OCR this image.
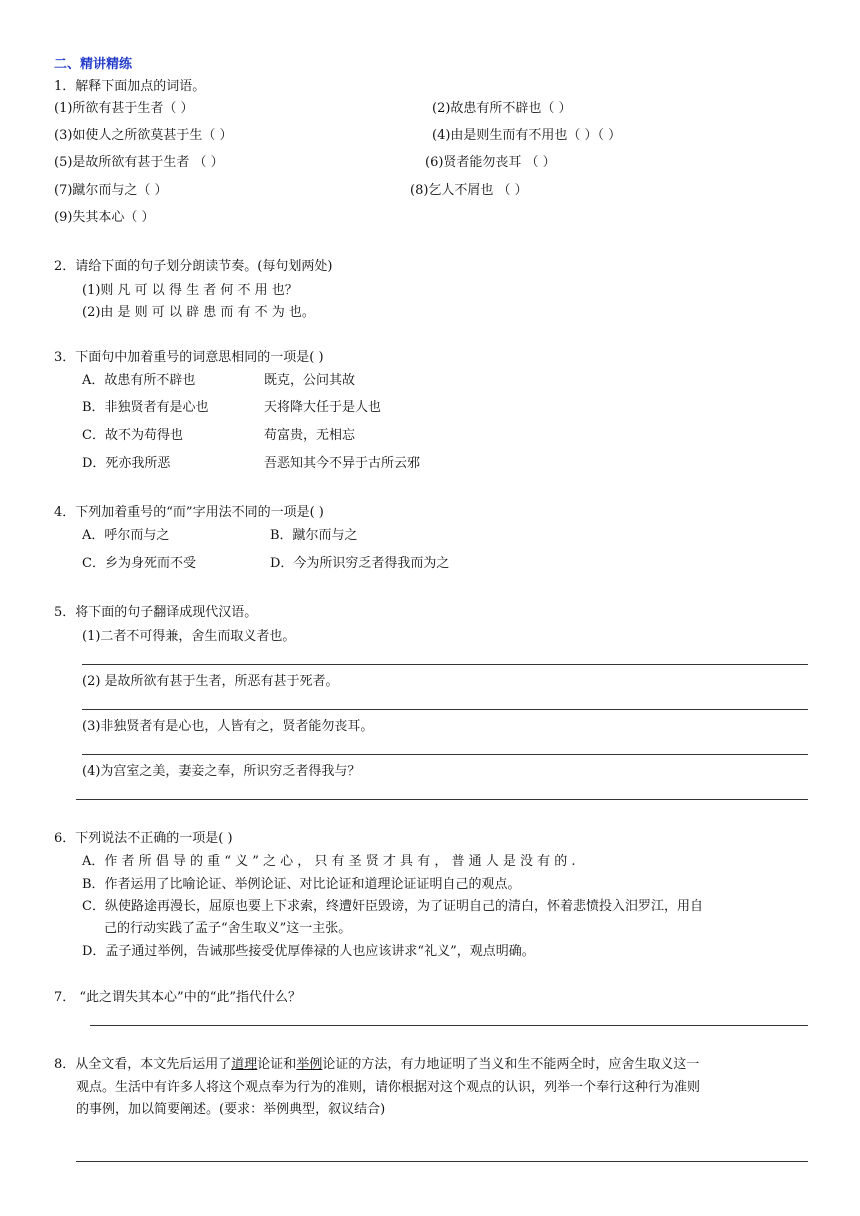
二、精讲精练
1．解释下面加点的词语。
(1)所欲有甚于生者（ ）	(2)故患有所不辟也（ ）
(3)如使人之所欲莫甚于生（ ）	(4)由是则生而有不用也（ ）（ ）
(5)是故所欲有甚于生者 （ ）	(6)贤者能勿丧耳 （ ）
(7)蹴尔而与之（ ）	(8)乞人不屑也 （ ）
(9)失其本心（ ）
2．请给下面的句子划分朗读节奏。(每句划两处)
(1)则 凡 可 以 得 生 者 何 不 用 也？
(2)由 是 则 可 以 辟 患 而 有 不 为 也。
3．下面句中加着重号的词意思相同的一项是( )
A．故患有所不辟也	既克，公问其故
B．非独贤者有是心也	天将降大任于是人也
C．故不为苟得也	苟富贵，无相忘
D．死亦我所恶	吾恶知其今不异于古所云邪
4．下列加着重号的“而”字用法不同的一项是( )
A．呼尔而与之	B．蹴尔而与之
C．乡为身死而不受	D．今为所识穷乏者得我而为之
5．将下面的句子翻译成现代汉语。
(1)二者不可得兼，舍生而取义者也。
(2) 是故所欲有甚于生者，所恶有甚于死者。
(3)非独贤者有是心也，人皆有之，贤者能勿丧耳。
(4)为宫室之美，妻妾之奉，所识穷乏者得我与？
6．下列说法不正确的一项是( )
A．作 者 所 倡 导 的 重 “ 义 ” 之 心 ， 只 有 圣 贤 才 具 有 ， 普 通 人 是 没 有 的 .
B．作者运用了比喻论证、举例论证、对比论证和道理论证证明自己的观点。
C．纵使路途再漫长，屈原也要上下求索，终遭奸臣毁谤，为了证明自己的清白，怀着悲愤投入汨罗江，用自
己的行动实践了孟子“舍生取义”这一主张。
D．孟子通过举例，告诫那些接受优厚俸禄的人也应该讲求“礼义”，观点明确。
7． “此之谓失其本心”中的“此”指代什么？
8．从全文看，本文先后运用了道理论证和举例论证的方法，有力地证明了当义和生不能两全时，应舍生取义这一
观点。生活中有许多人将这个观点奉为行为的准则，请你根据对这个观点的认识，列举一个奉行这种行为准则
的事例，加以简要阐述。(要求：举例典型，叙议结合)
